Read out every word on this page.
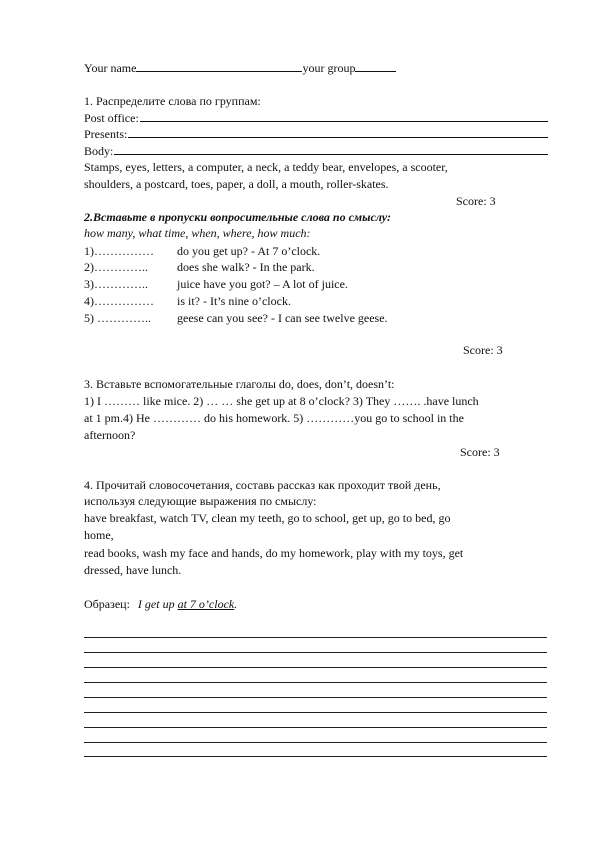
Your name	your group
1. Распределите слова по группам:
Post office:
Presents:
Body:
Stamps, eyes, letters, a computer, a neck, a teddy bear, envelopes, a scooter,
shoulders, a postcard, toes, paper, a doll, a mouth, roller-skates.
Score: 3
2.Вставьте в пропуски вопросительные слова по смыслу:
how many, what time, when, where, how much:
1)…………… do you get up? - At 7 o’clock.
2)………….. does she walk? - In the park.
3)………….. juice have you got? – A lot of juice.
4)…………… is it? - It’s nine o’clock.
5) ………….. geese can you see? - I can see twelve geese.
Score: 3
3. Вставьте вспомогательные глаголы do, does, don’t, doesn’t:
1) I ……… like mice. 2) … … she get up at 8 o’clock? 3) They ……. .have lunch
at 1 pm.4) He ………… do his homework. 5) …………you go to school in the
afternoon?
Score: 3
4. Прочитай словосочетания, составь рассказ как проходит твой день,
используя следующие выражения по смыслу:
have breakfast, watch TV, clean my teeth, go to school, get up, go to bed, go
home,
read books, wash my face and hands, do my homework, play with my toys, get
dressed, have lunch.
Образец: I get up at 7 o’clock.
